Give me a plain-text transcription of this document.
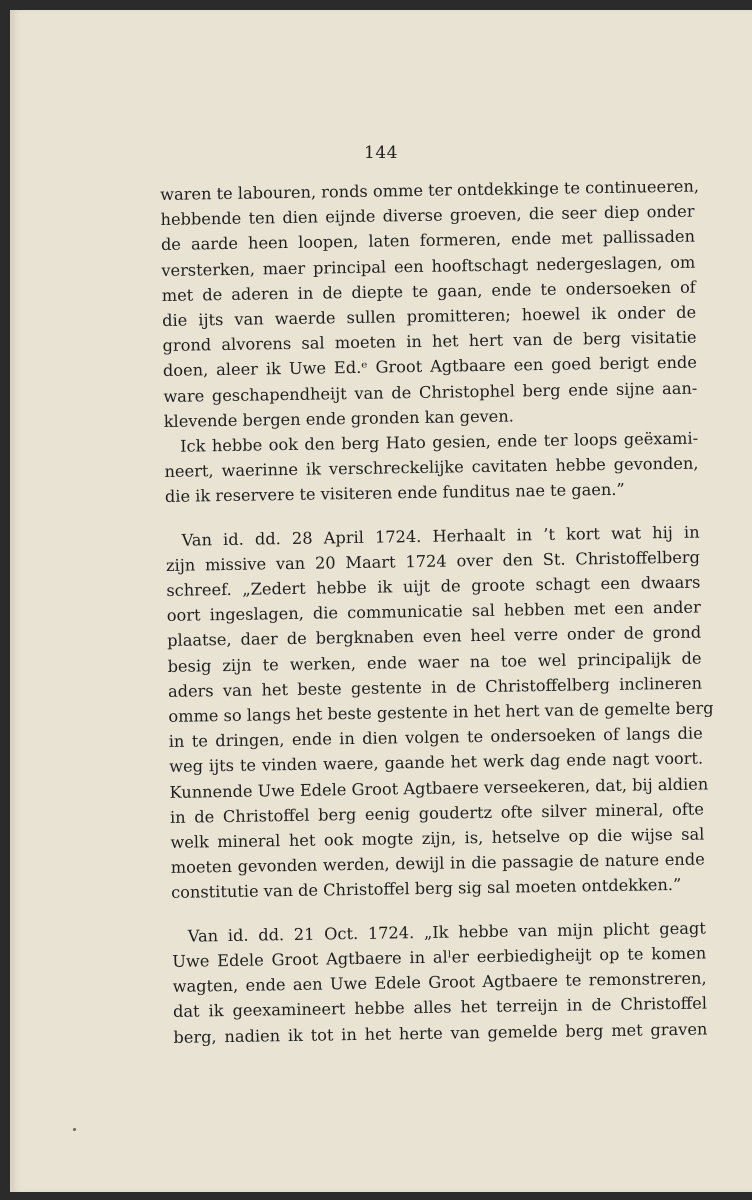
144

waren te labouren, ronds omme ter ontdekkinge te continueeren,
hebbende ten dien eijnde diverse groeven, die seer diep onder
de aarde heen loopen, laten formeren, ende met pallissaden
versterken, maer principal een hooftschagt nedergeslagen, om
met de aderen in de diepte te gaan, ende te ondersoeken of
die ijts van waerde sullen promitteren; hoewel ik onder de
grond alvorens sal moeten in het hert van de berg visitatie
doen, aleer ik Uwe Ed.ᵉ Groot Agtbaare een goed berigt ende
ware geschapendheijt van de Christophel berg ende sijne aan-
klevende bergen ende gronden kan geven.

Ick hebbe ook den berg Hato gesien, ende ter loops geëxami-
neert, waerinne ik verschreckelijke cavitaten hebbe gevonden,
die ik reservere te visiteren ende funditus nae te gaen.”

Van id. dd. 28 April 1724. Herhaalt in ’t kort wat hij in
zijn missive van 20 Maart 1724 over den St. Christoffelberg
schreef. „Zedert hebbe ik uijt de groote schagt een dwaars
oort ingeslagen, die communicatie sal hebben met een ander
plaatse, daer de bergknaben even heel verre onder de grond
besig zijn te werken, ende waer na toe wel principalijk de
aders van het beste gestente in de Christoffelberg inclineren
omme so langs het beste gestente in het hert van de gemelte berg
in te dringen, ende in dien volgen te ondersoeken of langs die
weg ijts te vinden waere, gaande het werk dag ende nagt voort.
Kunnende Uwe Edele Groot Agtbaere verseekeren, dat, bij aldien
in de Christoffel berg eenig goudertz ofte silver mineral, ofte
welk mineral het ook mogte zijn, is, hetselve op die wijse sal
moeten gevonden werden, dewijl in die passagie de nature ende
constitutie van de Christoffel berg sig sal moeten ontdekken.”

Van id. dd. 21 Oct. 1724. „Ik hebbe van mijn plicht geagt
Uwe Edele Groot Agtbaere in alˡer eerbiedigheijt op te komen
wagten, ende aen Uwe Edele Groot Agtbaere te remonstreren,
dat ik geexamineert hebbe alles het terreijn in de Christoffel
berg, nadien ik tot in het herte van gemelde berg met graven
